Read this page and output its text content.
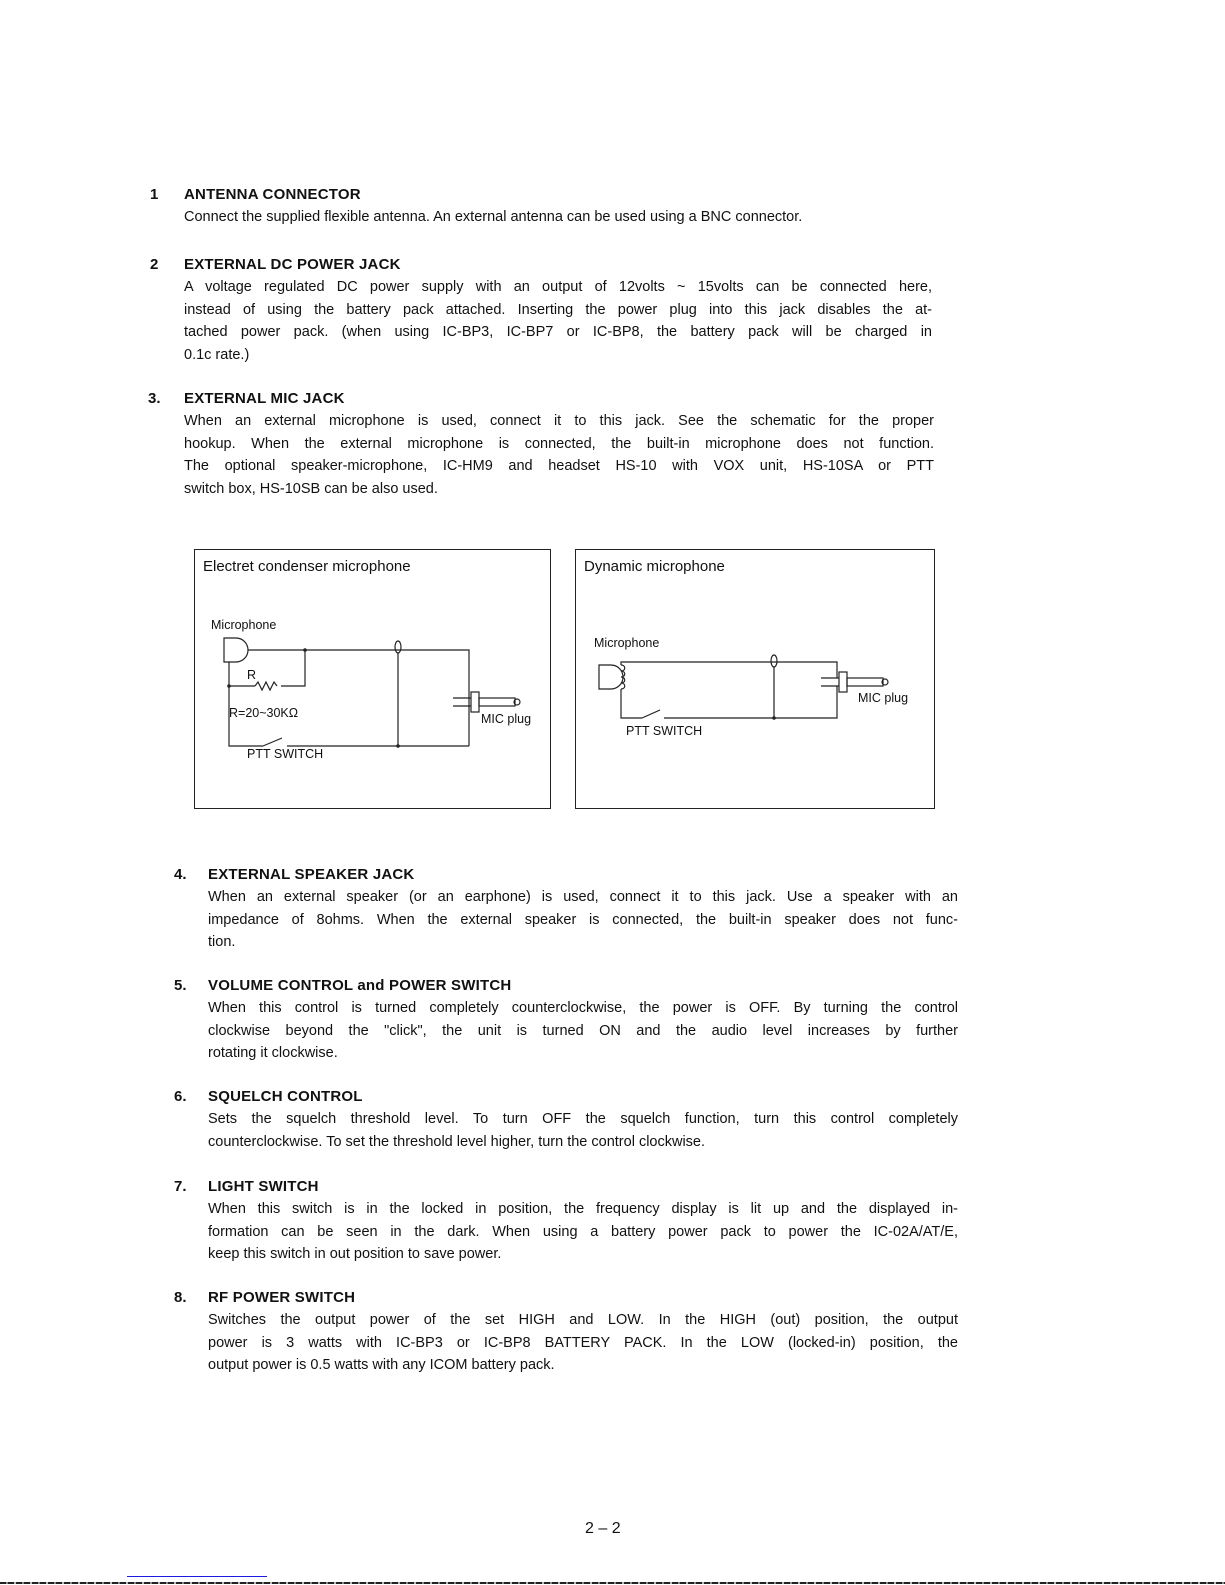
1 ANTENNA CONNECTOR
Connect the supplied flexible antenna. An external antenna can be used using a BNC connector.
2 EXTERNAL DC POWER JACK
A voltage regulated DC power supply with an output of 12volts ~ 15volts can be connected here,
instead of using the battery pack attached. Inserting the power plug into this jack disables the at-
tached power pack. (when using IC-BP3, IC-BP7 or IC-BP8, the battery pack will be charged in
0.1c rate.)
3. EXTERNAL MIC JACK
When an external microphone is used, connect it to this jack. See the schematic for the proper
hookup. When the external microphone is connected, the built-in microphone does not function.
The optional speaker-microphone, IC-HM9 and headset HS-10 with VOX unit, HS-10SA or PTT
switch box, HS-10SB can be also used.
Electret condenser microphone
Microphone
R
R=20~30KΩ
PTT SWITCH
MIC plug
Dynamic microphone
Microphone
PTT SWITCH
MIC plug
4. EXTERNAL SPEAKER JACK
When an external speaker (or an earphone) is used, connect it to this jack. Use a speaker with an
impedance of 8ohms. When the external speaker is connected, the built-in speaker does not func-
tion.
5. VOLUME CONTROL and POWER SWITCH
When this control is turned completely counterclockwise, the power is OFF. By turning the control
clockwise beyond the "click", the unit is turned ON and the audio level increases by further
rotating it clockwise.
6. SQUELCH CONTROL
Sets the squelch threshold level. To turn OFF the squelch function, turn this control completely
counterclockwise. To set the threshold level higher, turn the control clockwise.
7. LIGHT SWITCH
When this switch is in the locked in position, the frequency display is lit up and the displayed in-
formation can be seen in the dark. When using a battery power pack to power the IC-02A/AT/E,
keep this switch in out position to save power.
8. RF POWER SWITCH
Switches the output power of the set HIGH and LOW. In the HIGH (out) position, the output
power is 3 watts with IC-BP3 or IC-BP8 BATTERY PACK. In the LOW (locked-in) position, the
output power is 0.5 watts with any ICOM battery pack.
2 – 2
